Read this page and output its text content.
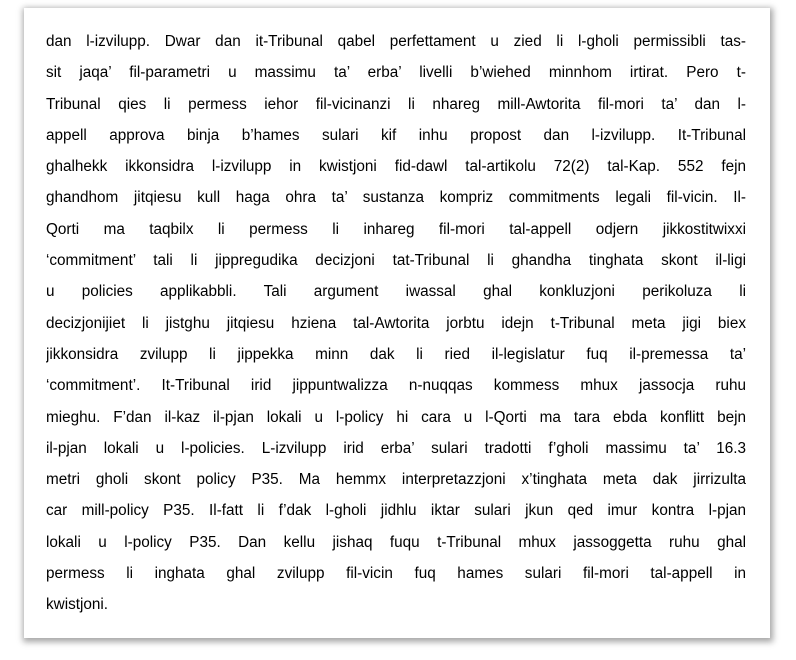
dan l-izvilupp. Dwar dan it-Tribunal qabel perfettament u zied li l-gholi permissibli tas-
sit jaqa’ fil-parametri u massimu ta’ erba’ livelli b’wiehed minnhom irtirat. Pero t-
Tribunal qies li permess iehor fil-vicinanzi li nhareg mill-Awtorita fil-mori ta’ dan l-
appell approva binja b’hames sulari kif inhu propost dan l-izvilupp. It-Tribunal
ghalhekk ikkonsidra l-izvilupp in kwistjoni fid-dawl tal-artikolu 72(2) tal-Kap. 552 fejn
ghandhom jitqiesu kull haga ohra ta’ sustanza kompriz commitments legali fil-vicin. Il-
Qorti ma taqbilx li permess li inhareg fil-mori tal-appell odjern jikkostitwixxi
‘commitment’ tali li jippregudika decizjoni tat-Tribunal li ghandha tinghata skont il-ligi
u policies applikabbli. Tali argument iwassal ghal konkluzjoni perikoluza li
decizjonijiet li jistghu jitqiesu hziena tal-Awtorita jorbtu idejn t-Tribunal meta jigi biex
jikkonsidra zvilupp li jippekka minn dak li ried il-legislatur fuq il-premessa ta’
‘commitment’. It-Tribunal irid jippuntwalizza n-nuqqas kommess mhux jassocja ruhu
mieghu. F’dan il-kaz il-pjan lokali u l-policy hi cara u l-Qorti ma tara ebda konflitt bejn
il-pjan lokali u l-policies. L-izvilupp irid erba’ sulari tradotti f’gholi massimu ta’ 16.3
metri gholi skont policy P35. Ma hemmx interpretazzjoni x’tinghata meta dak jirrizulta
car mill-policy P35. Il-fatt li f’dak l-gholi jidhlu iktar sulari jkun qed imur kontra l-pjan
lokali u l-policy P35. Dan kellu jishaq fuqu t-Tribunal mhux jassoggetta ruhu ghal
permess li inghata ghal zvilupp fil-vicin fuq hames sulari fil-mori tal-appell in
kwistjoni.
